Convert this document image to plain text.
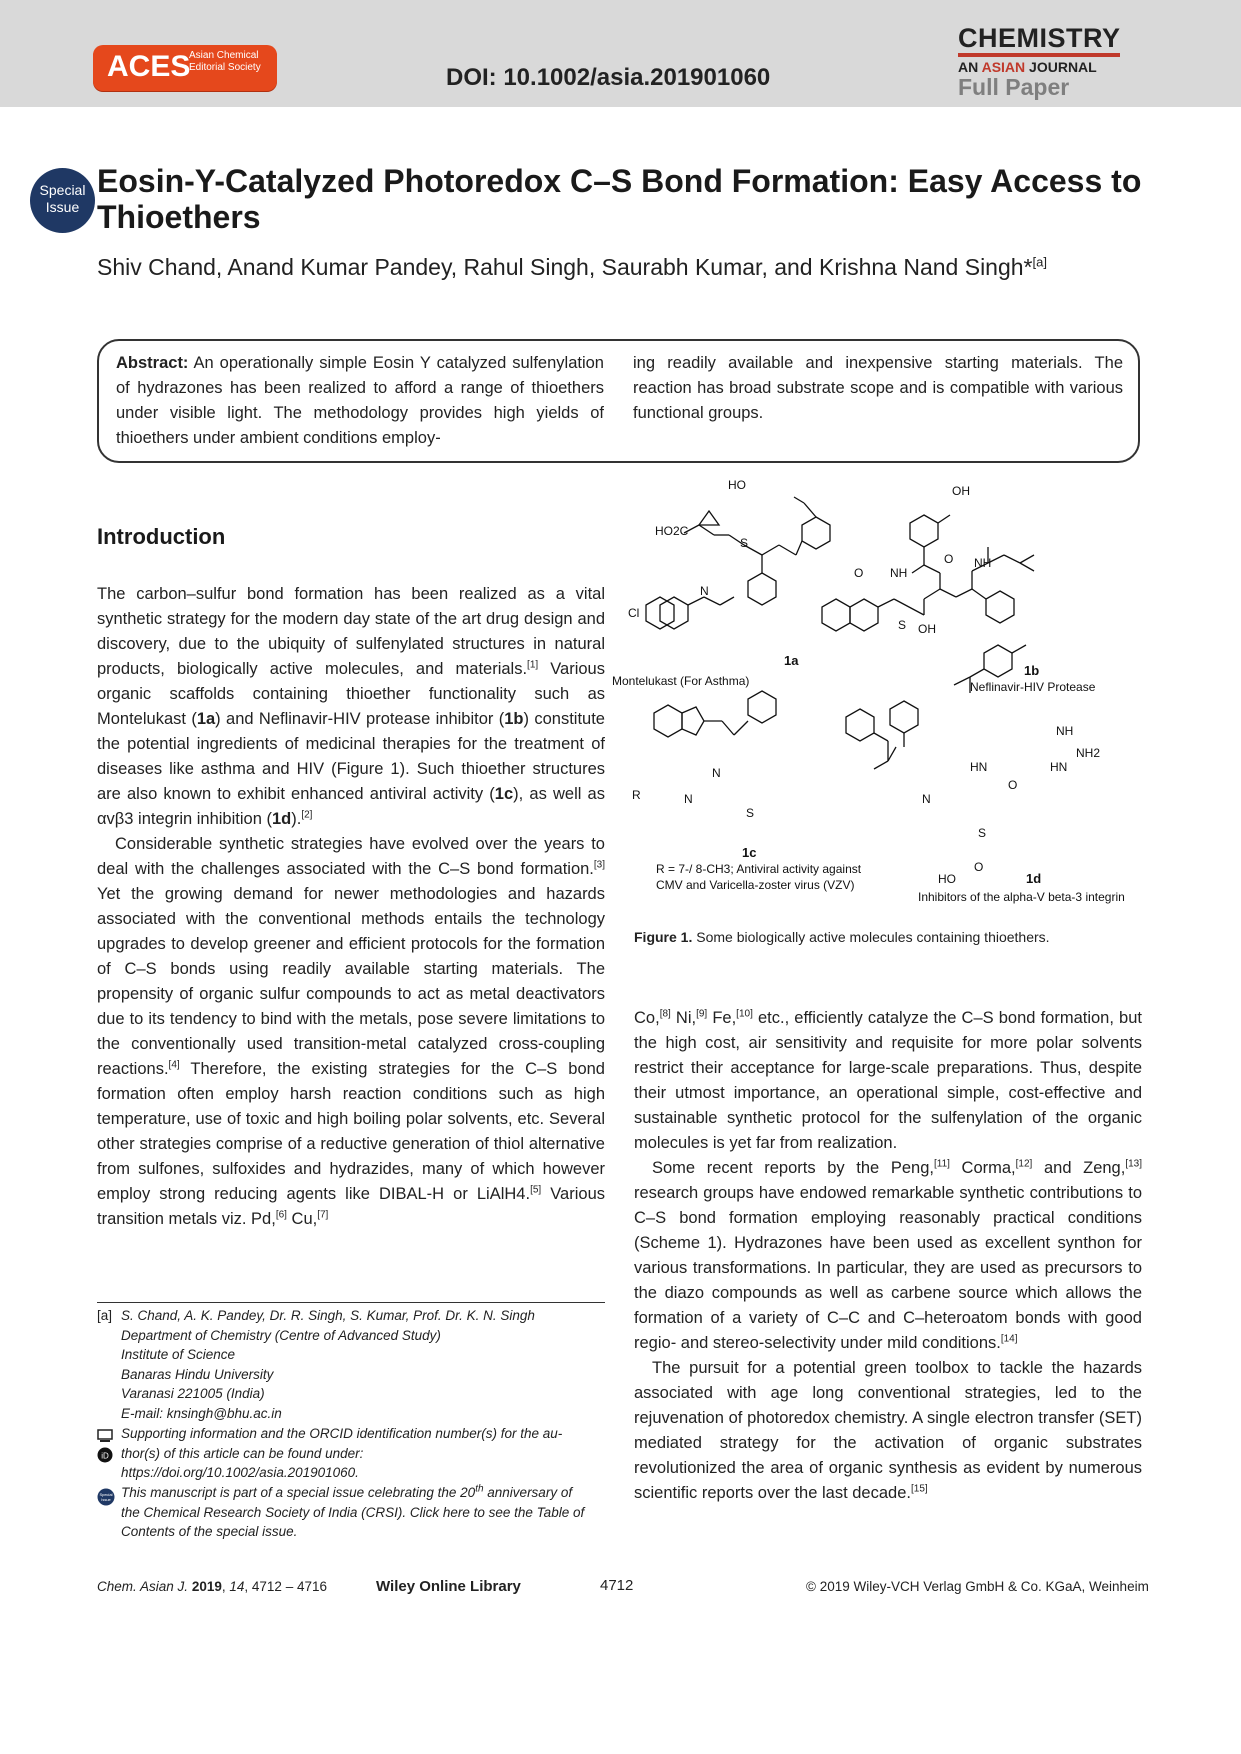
ACES
Asian Chemical
Editorial Society	DOI: 10.1002/asia.201901060
CHEMISTRY
AN ASIAN JOURNAL
Full Paper
Special
Issue
Eosin-Y-Catalyzed Photoredox C–S Bond Formation: Easy Access to Thioethers
Shiv Chand, Anand Kumar Pandey, Rahul Singh, Saurabh Kumar, and Krishna Nand Singh*[a]
Abstract: An operationally simple Eosin Y catalyzed sulfenylation of hydrazones has been realized to afford a range of thioethers under visible light. The methodology provides high yields of thioethers under ambient conditions employ-
ing readily available and inexpensive starting materials. The reaction has broad substrate scope and is compatible with various functional groups.
Introduction

The carbon–sulfur bond formation has been realized as a vital synthetic strategy for the modern day state of the art drug design and discovery, due to the ubiquity of sulfenylated structures in natural products, biologically active molecules, and materials.[1] Various organic scaffolds containing thioether functionality such as Montelukast (1a) and Neflinavir-HIV protease inhibitor (1b) constitute the potential ingredients of medicinal therapies for the treatment of diseases like asthma and HIV (Figure 1). Such thioether structures are also known to exhibit enhanced antiviral activity (1c), as well as αvβ3 integrin inhibition (1d).[2]

Considerable synthetic strategies have evolved over the years to deal with the challenges associated with the C–S bond formation.[3] Yet the growing demand for newer methodologies and hazards associated with the conventional methods entails the technology upgrades to develop greener and efficient protocols for the formation of C–S bonds using readily available starting materials. The propensity of organic sulfur compounds to act as metal deactivators due to its tendency to bind with the metals, pose severe limitations to the conventionally used transition-metal catalyzed cross-coupling reactions.[4] Therefore, the existing strategies for the C–S bond formation often employ harsh reaction conditions such as high temperature, use of toxic and high boiling polar solvents, etc. Several other strategies comprise of a reductive generation of thiol alternative from sulfones, sulfoxides and hydrazides, many of which however employ strong reducing agents like DIBAL-H or LiAlH4.[5] Various transition metals viz. Pd,[6] Cu,[7]

HO2C
S
Cl
N
HO
1a
Montelukast (For Asthma)
OH
O NH
O NH
OH
S
1b
Neflinavir-HIV Protease
R
N
N
S
1c
R = 7-/ 8-CH3; Antiviral activity against
CMV and Varicella-zoster virus (VZV)
NH
NH2
HN
HN
O
N
S
O
HO	1d
Inhibitors of the alpha-V beta-3 integrin
Figure 1. Some biologically active molecules containing thioethers.

Co,[8] Ni,[9] Fe,[10] etc., efficiently catalyze the C–S bond formation, but the high cost, air sensitivity and requisite for more polar solvents restrict their acceptance for large-scale preparations. Thus, despite their utmost importance, an operational simple, cost-effective and sustainable synthetic protocol for the sulfenylation of the organic molecules is yet far from realization.

Some recent reports by the Peng,[11] Corma,[12] and Zeng,[13] research groups have endowed remarkable synthetic contributions to C–S bond formation employing reasonably practical conditions (Scheme 1). Hydrazones have been used as excellent synthon for various transformations. In particular, they are used as precursors to the diazo compounds as well as carbene source which allows the formation of a variety of C–C and C–heteroatom bonds with good regio- and stereo-selectivity under mild conditions.[14]

The pursuit for a potential green toolbox to tackle the hazards associated with age long conventional strategies, led to the rejuvenation of photoredox chemistry. A single electron transfer (SET) mediated strategy for the activation of organic substrates revolutionized the area of organic synthesis as evident by numerous scientific reports over the last decade.[15]

[a] S. Chand, A. K. Pandey, Dr. R. Singh, S. Kumar, Prof. Dr. K. N. Singh
Department of Chemistry (Centre of Advanced Study)
Institute of Science
Banaras Hindu University
Varanasi 221005 (India)
E-mail: knsingh@bhu.ac.in
iD
Supporting information and the ORCID identification number(s) for the au-
thor(s) of this article can be found under:
https://doi.org/10.1002/asia.201901060.
Special
Issue This manuscript is part of a special issue celebrating the 20th anniversary of
the Chemical Research Society of India (CRSI). Click here to see the Table of
Contents of the special issue.
Chem. Asian J. 2019, 14, 4712 – 4716	Wiley Online Library	4712	© 2019 Wiley-VCH Verlag GmbH & Co. KGaA, Weinheim
